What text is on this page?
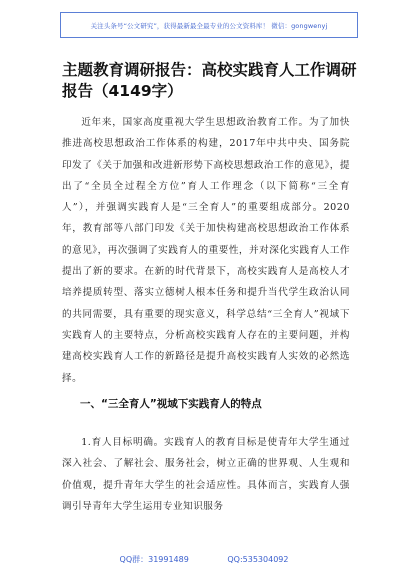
关注头条号“公文研究”，获得最新最全最专业的公文资料库！ 微信：gongwenyj
主题教育调研报告：高校实践育人工作调研报告（4149字）

近年来，国家高度重视大学生思想政治教育工作。为了加快推进高校思想政治工作体系的构建，2017年中共中央、国务院印发了《关于加强和改进新形势下高校思想政治工作的意见》，提出了“全员全过程全方位”育人工作理念（以下简称“三全育人”），并强调实践育人是“三全育人”的重要组成部分。2020年，教育部等八部门印发《关于加快构建高校思想政治工作体系的意见》，再次强调了实践育人的重要性，并对深化实践育人工作提出了新的要求。在新的时代背景下，高校实践育人是高校人才培养提质转型、落实立德树人根本任务和提升当代学生政治认同的共同需要，具有重要的现实意义，科学总结“三全育人”视域下实践育人的主要特点，分析高校实践育人存在的主要问题，并构建高校实践育人工作的新路径是提升高校实践育人实效的必然选择。

一、“三全育人”视域下实践育人的特点

1.育人目标明确。实践育人的教育目标是使青年大学生通过深入社会、了解社会、服务社会，树立正确的世界观、人生观和价值观，提升青年大学生的社会适应性。具体而言，实践育人强调引导青年大学生运用专业知识服务

QQ群：31991489	QQ:535304092
